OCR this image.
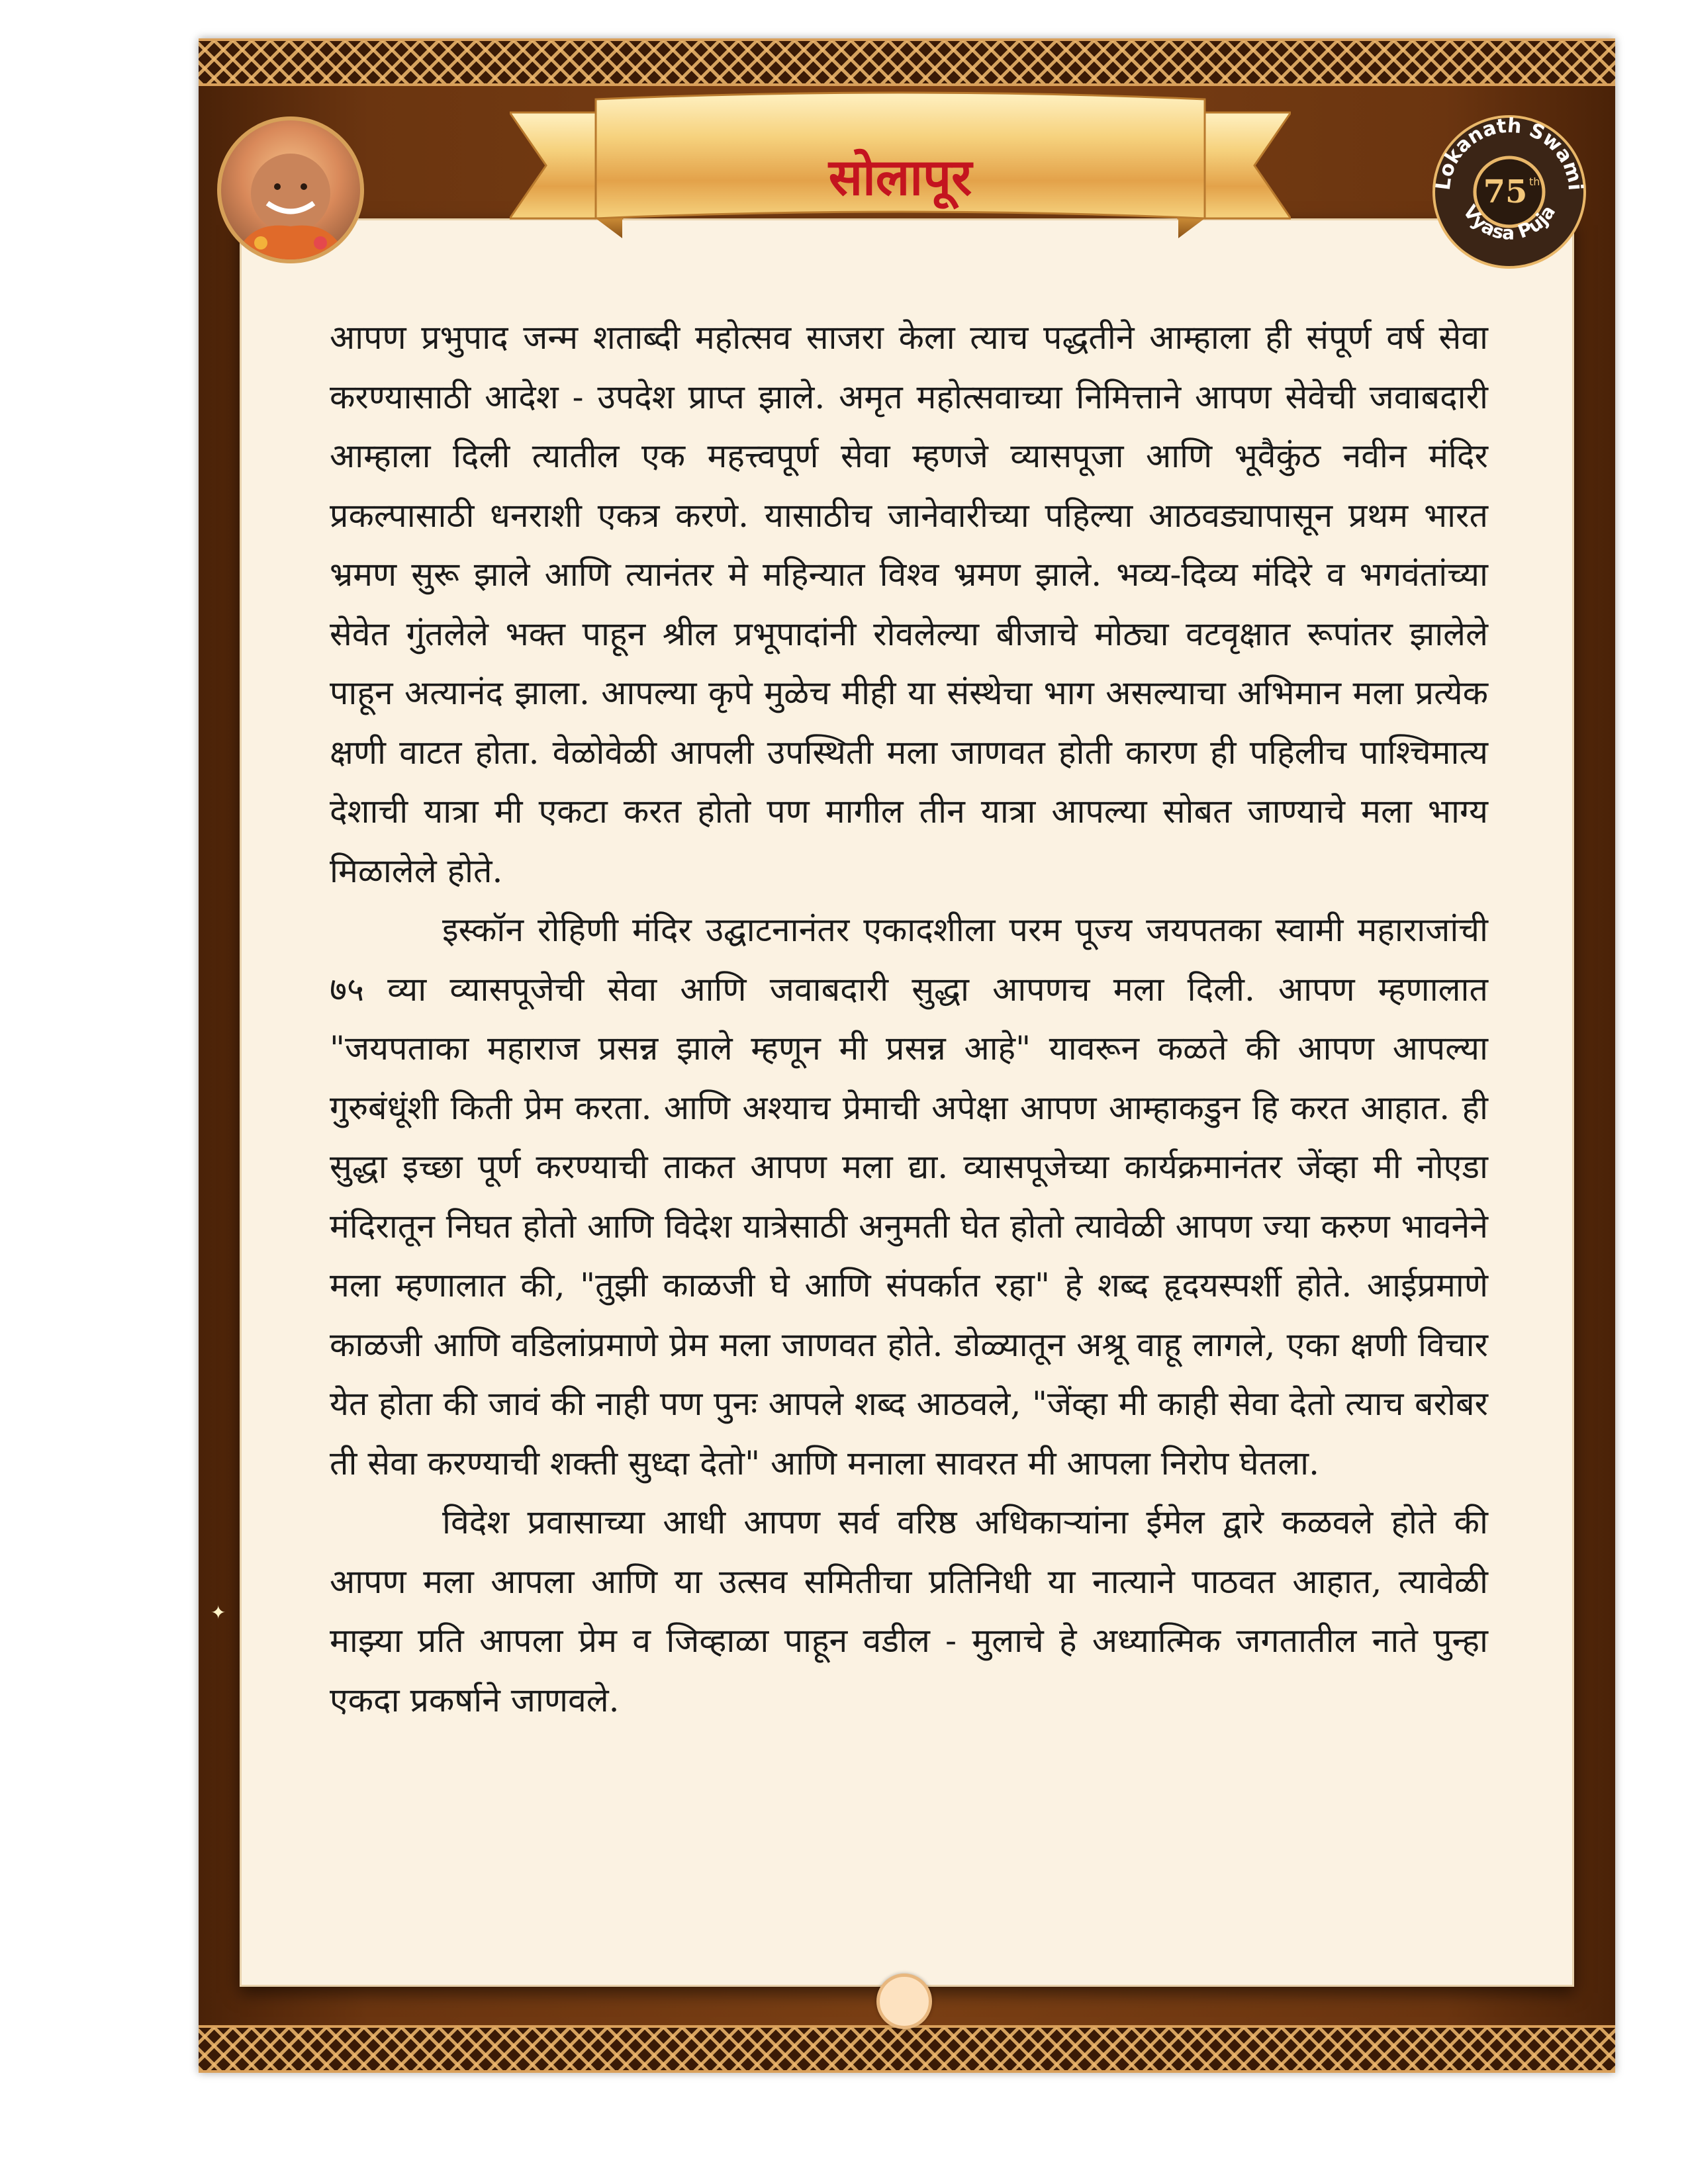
सोलापूर	Lokanath Swami
Vyasa Puja
75 th

आपण प्रभुपाद जन्म शताब्दी महोत्सव साजरा केला त्याच पद्धतीने आम्हाला ही संपूर्ण वर्ष सेवा करण्यासाठी आदेश - उपदेश प्राप्त झाले. अमृत महोत्सवाच्या निमित्ताने आपण सेवेची जवाबदारी आम्हाला दिली त्यातील एक महत्त्वपूर्ण सेवा म्हणजे व्यासपूजा आणि भूवैकुंठ नवीन मंदिर प्रकल्पासाठी धनराशी एकत्र करणे. यासाठीच जानेवारीच्या पहिल्या आठवड्यापासून प्रथम भारत भ्रमण सुरू झाले आणि त्यानंतर मे महिन्यात विश्व भ्रमण झाले. भव्य-दिव्य मंदिरे व भगवंतांच्या सेवेत गुंतलेले भक्त पाहून श्रील प्रभूपादांनी रोवलेल्या बीजाचे मोठ्या वटवृक्षात रूपांतर झालेले पाहून अत्यानंद झाला. आपल्या कृपे मुळेच मीही या संस्थेचा भाग असल्याचा अभिमान मला प्रत्येक क्षणी वाटत होता. वेळोवेळी आपली उपस्थिती मला जाणवत होती कारण ही पहिलीच पाश्चिमात्य देशाची यात्रा मी एकटा करत होतो पण मागील तीन यात्रा आपल्या सोबत जाण्याचे मला भाग्य मिळालेले होते.

इस्कॉन रोहिणी मंदिर उद्घाटनानंतर एकादशीला परम पूज्य जयपतका स्वामी महाराजांची ७५ व्या व्यासपूजेची सेवा आणि जवाबदारी सुद्धा आपणच मला दिली. आपण म्हणालात "जयपताका महाराज प्रसन्न झाले म्हणून मी प्रसन्न आहे" यावरून कळते की आपण आपल्या गुरुबंधूंशी किती प्रेम करता. आणि अश्याच प्रेमाची अपेक्षा आपण आम्हाकडुन हि करत आहात. ही सुद्धा इच्छा पूर्ण करण्याची ताकत आपण मला द्या. व्यासपूजेच्या कार्यक्रमानंतर जेंव्हा मी नोएडा मंदिरातून निघत होतो आणि विदेश यात्रेसाठी अनुमती घेत होतो त्यावेळी आपण ज्या करुण भावनेने मला म्हणालात की, "तुझी काळजी घे आणि संपर्कात रहा" हे शब्द हृदयस्पर्शी होते. आईप्रमाणे काळजी आणि वडिलांप्रमाणे प्रेम मला जाणवत होते. डोळ्यातून अश्रू वाहू लागले, एका क्षणी विचार येत होता की जावं की नाही पण पुनः आपले शब्द आठवले, "जेंव्हा मी काही सेवा देतो त्याच बरोबर ती सेवा करण्याची शक्ती सुध्दा देतो" आणि मनाला सावरत मी आपला निरोप घेतला.

विदेश प्रवासाच्या आधी आपण सर्व वरिष्ठ अधिकाऱ्यांना ईमेल द्वारे कळवले होते की आपण मला आपला आणि या उत्सव समितीचा प्रतिनिधी या नात्याने पाठवत आहात, त्यावेळी माझ्या प्रति आपला प्रेम व जिव्हाळा पाहून वडील - मुलाचे हे अध्यात्मिक जगतातील नाते पुन्हा एकदा प्रकर्षाने जाणवले.

✦
